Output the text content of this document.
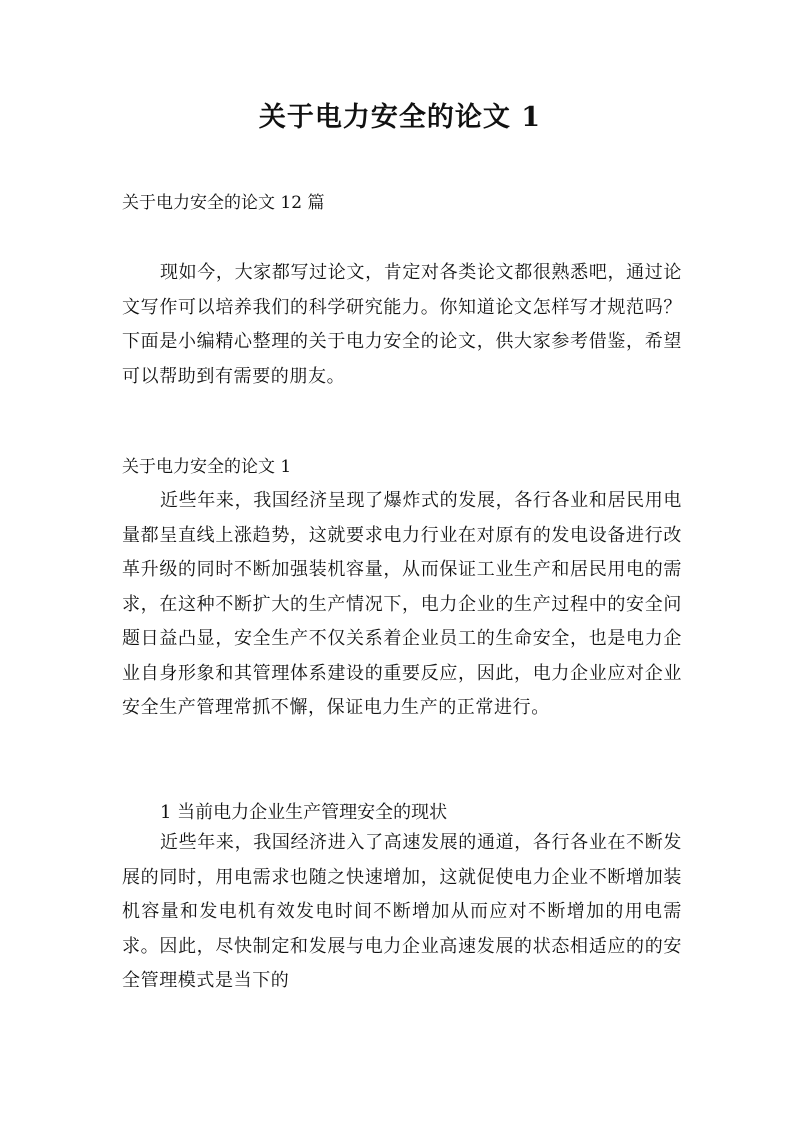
关于电力安全的论文 1
关于电力安全的论文 12 篇

现如今，大家都写过论文，肯定对各类论文都很熟悉吧，通过论文写作可以培养我们的科学研究能力。你知道论文怎样写才规范吗？下面是小编精心整理的关于电力安全的论文，供大家参考借鉴，希望可以帮助到有需要的朋友。

关于电力安全的论文 1

近些年来，我国经济呈现了爆炸式的发展，各行各业和居民用电量都呈直线上涨趋势，这就要求电力行业在对原有的发电设备进行改革升级的同时不断加强装机容量，从而保证工业生产和居民用电的需求，在这种不断扩大的生产情况下，电力企业的生产过程中的安全问题日益凸显，安全生产不仅关系着企业员工的生命安全，也是电力企业自身形象和其管理体系建设的重要反应，因此，电力企业应对企业安全生产管理常抓不懈，保证电力生产的正常进行。

1 当前电力企业生产管理安全的现状

近些年来，我国经济进入了高速发展的通道，各行各业在不断发展的同时，用电需求也随之快速增加，这就促使电力企业不断增加装机容量和发电机有效发电时间不断增加从而应对不断增加的用电需求。因此，尽快制定和发展与电力企业高速发展的状态相适应的的安全管理模式是当下的
